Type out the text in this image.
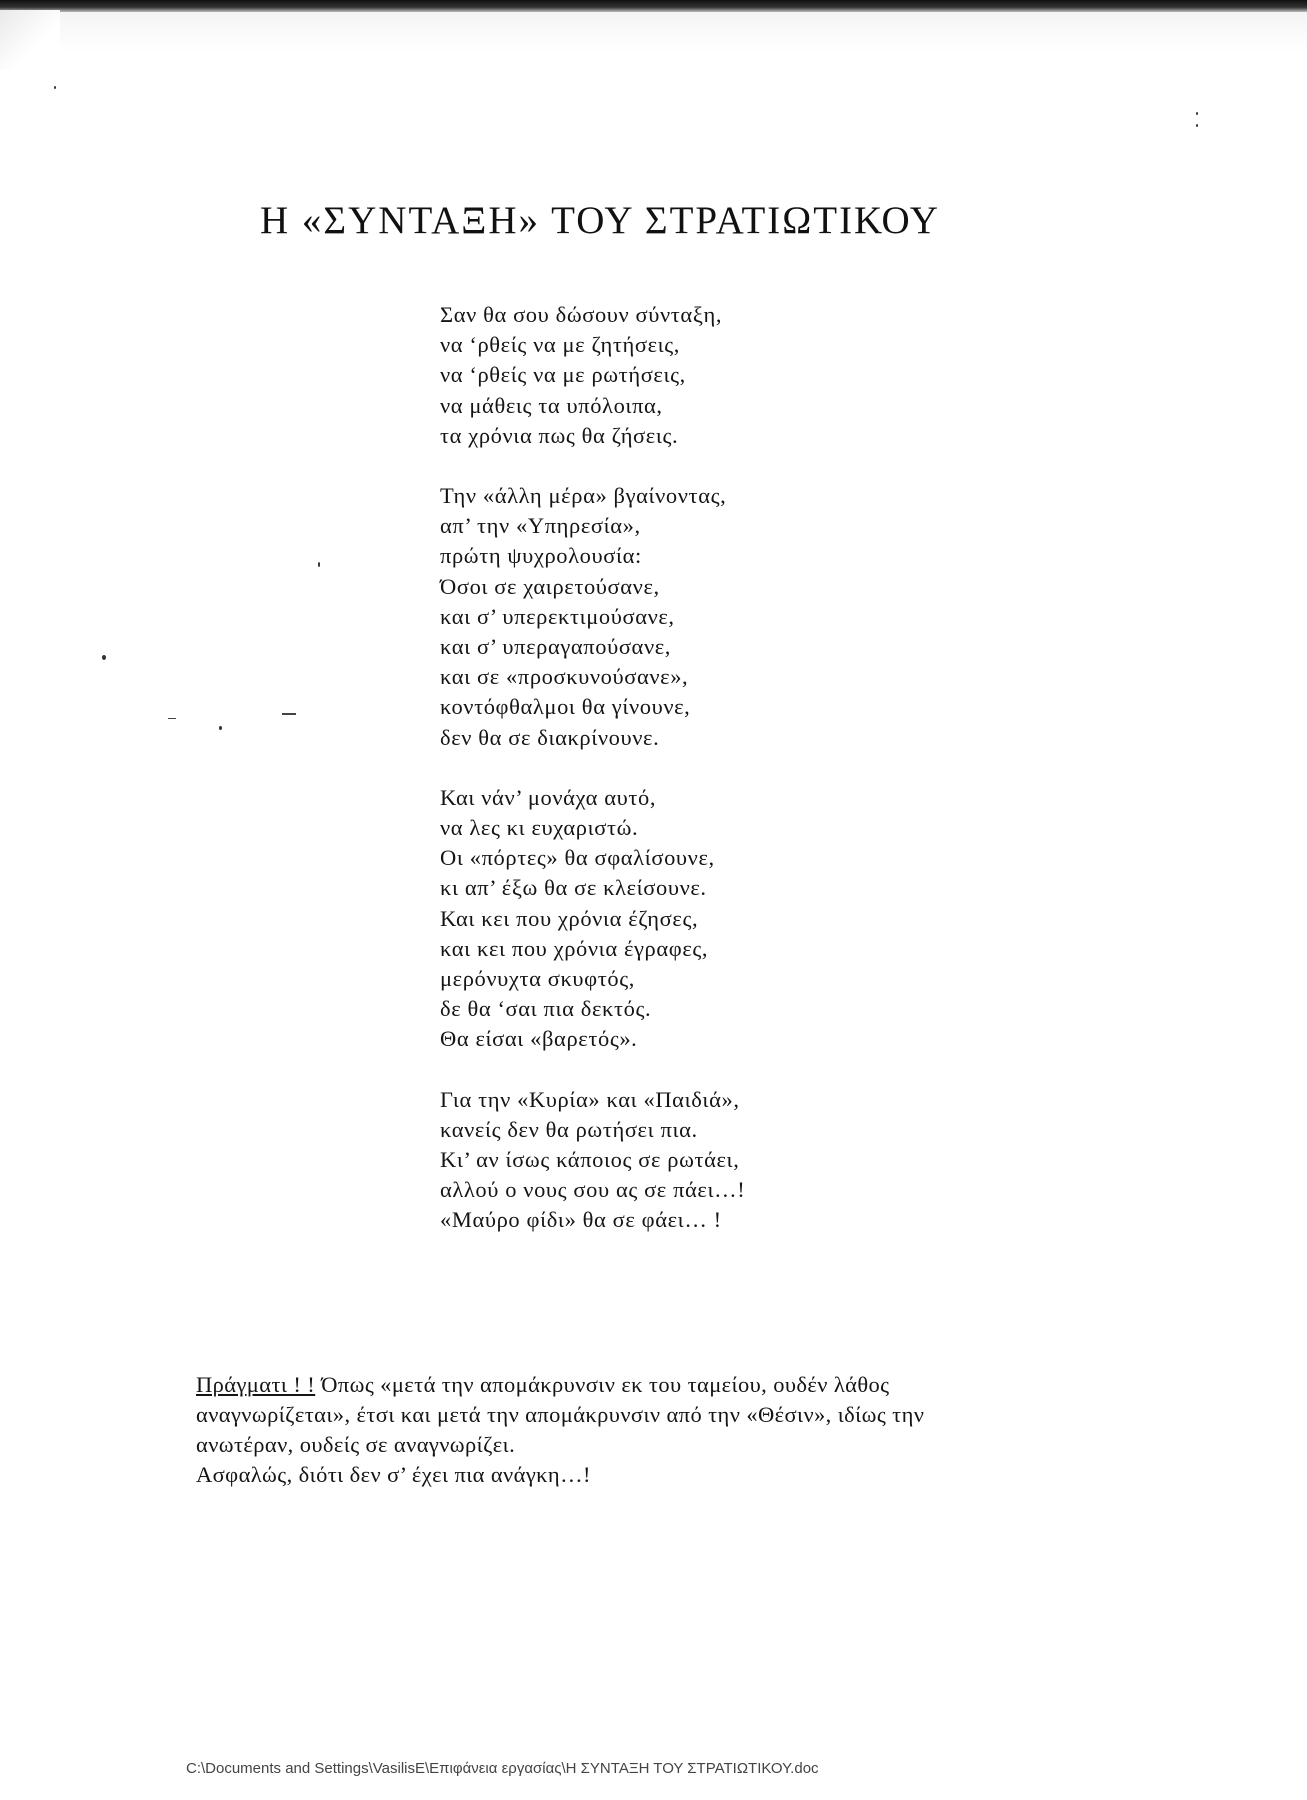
Η «ΣΥΝΤΑΞΗ» ΤΟΥ ΣΤΡΑΤΙΩΤΙΚΟΥ
Σαν θα σου δώσουν σύνταξη,
να ‘ρθείς να με ζητήσεις,
να ‘ρθείς να με ρωτήσεις,
να μάθεις τα υπόλοιπα,
τα χρόνια πως θα ζήσεις.
Την «άλλη μέρα» βγαίνοντας,
απ’ την «Υπηρεσία»,
πρώτη ψυχρολουσία:
Όσοι σε χαιρετούσανε,
και σ’ υπερεκτιμούσανε,
και σ’ υπεραγαπούσανε,
και σε «προσκυνούσανε»,
κοντόφθαλμοι θα γίνουνε,
δεν θα σε διακρίνουνε.
Και νάν’ μονάχα αυτό,
να λες κι ευχαριστώ.
Οι «πόρτες» θα σφαλίσουνε,
κι απ’ έξω θα σε κλείσουνε.
Και κει που χρόνια έζησες,
και κει που χρόνια έγραφες,
μερόνυχτα σκυφτός,
δε θα ‘σαι πια δεκτός.
Θα είσαι «βαρετός».
Για την «Κυρία» και «Παιδιά»,
κανείς δεν θα ρωτήσει πια.
Κι’ αν ίσως κάποιος σε ρωτάει,
αλλού ο νους σου ας σε πάει…!
«Μαύρο φίδι» θα σε φάει… !
Πράγματι ! ! Όπως «μετά την απομάκρυνσιν εκ του ταμείου, ουδέν λάθος
αναγνωρίζεται», έτσι και μετά την απομάκρυνσιν από την «Θέσιν», ιδίως την
ανωτέραν, ουδείς σε αναγνωρίζει.
Ασφαλώς, διότι δεν σ’ έχει πια ανάγκη…!
C:\Documents and Settings\VasilisE\Επιφάνεια εργασίας\Η ΣΥΝΤΑΞΗ ΤΟΥ ΣΤΡΑΤΙΩΤΙΚΟΥ.doc
